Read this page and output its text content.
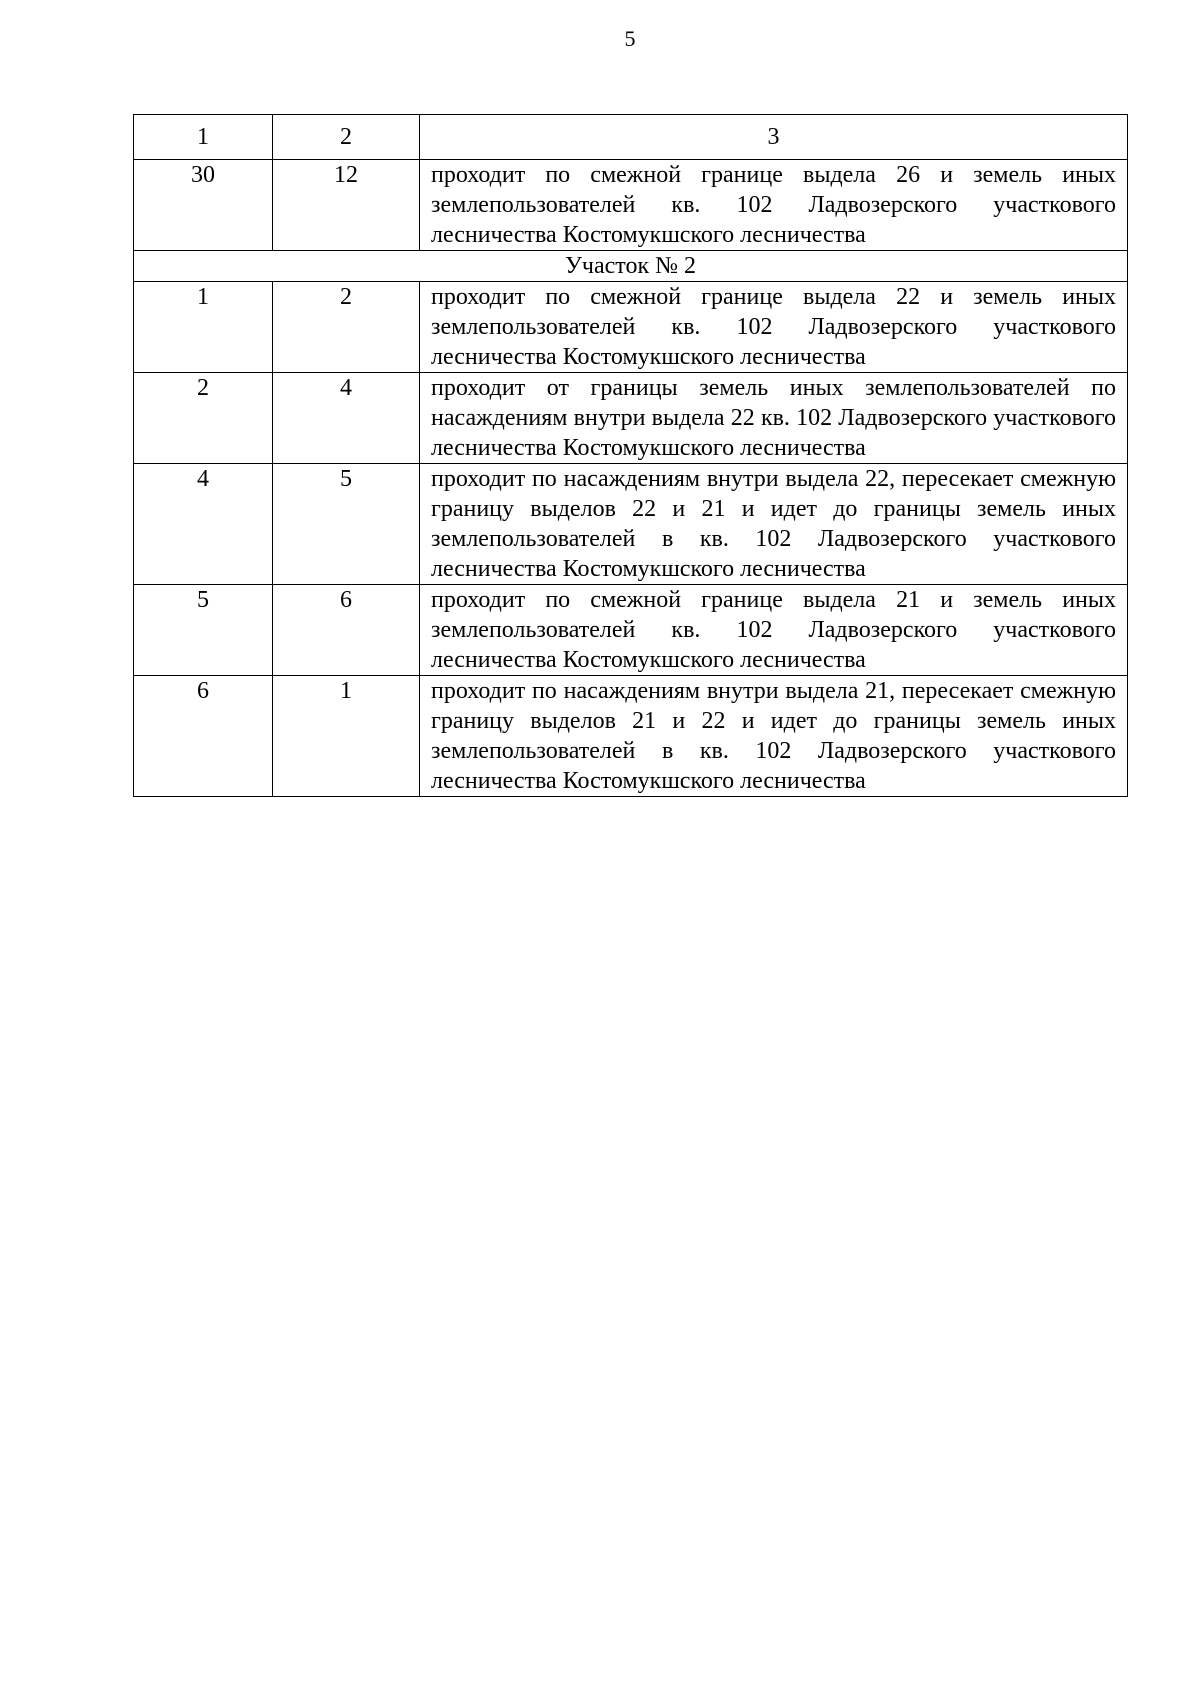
5
1	2	3
30	12	проходит по смежной границе выдела 26 и земель иных землепользователей кв. 102 Ладвозерского участкового лесничества Костомукшского лесничества
Участок № 2		
1	2	проходит по смежной границе выдела 22 и земель иных землепользователей кв. 102 Ладвозерского участкового лесничества Костомукшского лесничества
2	4	проходит от границы земель иных землепользователей по насаждениям внутри выдела 22 кв. 102 Ладвозерского участкового лесничества Костомукшского лесничества
4	5	проходит по насаждениям внутри выдела 22, пересекает смежную границу выделов 22 и 21 и идет до границы земель иных землепользователей в кв. 102 Ладвозерского участкового лесничества Костомукшского лесничества
5	6	проходит по смежной границе выдела 21 и земель иных землепользователей кв. 102 Ладвозерского участкового лесничества Костомукшского лесничества
6	1	проходит по насаждениям внутри выдела 21, пересекает смежную границу выделов 21 и 22 и идет до границы земель иных землепользователей в кв. 102 Ладвозерского участкового лесничества Костомукшского лесничества
